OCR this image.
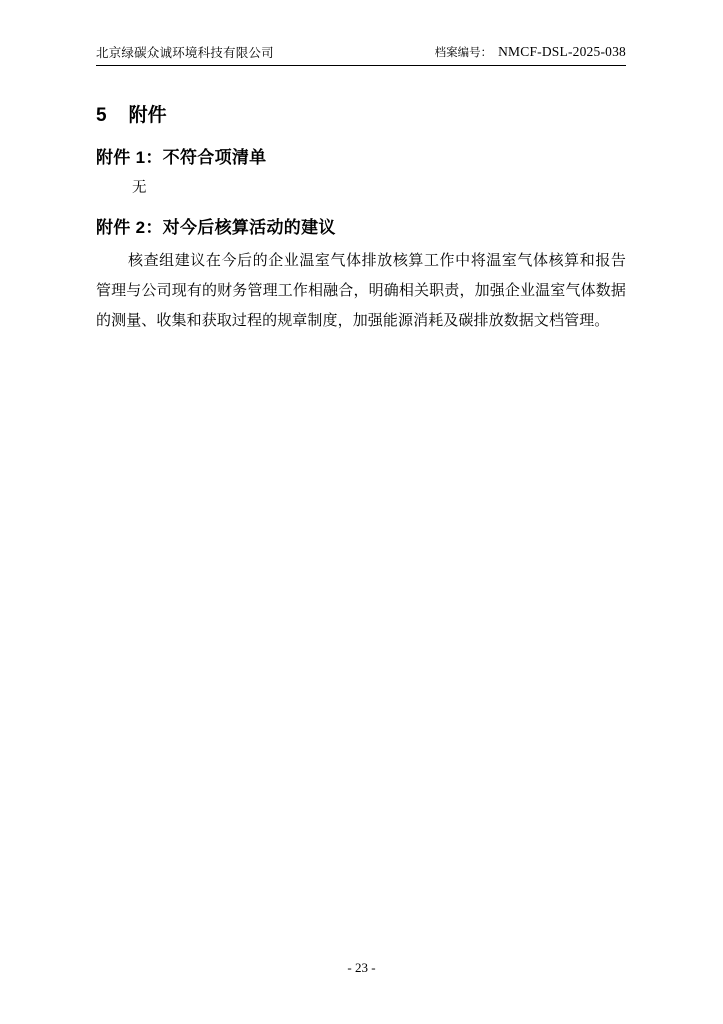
北京绿碳众诚环境科技有限公司	档案编号： NMCF-DSL-2025-038
5 附件
附件 1：不符合项清单
无
附件 2：对今后核算活动的建议
核查组建议在今后的企业温室气体排放核算工作中将温室气体核算和报告管理与公司现有的财务管理工作相融合，明确相关职责，加强企业温室气体数据的测量、收集和获取过程的规章制度，加强能源消耗及碳排放数据文档管理。
- 23 -
